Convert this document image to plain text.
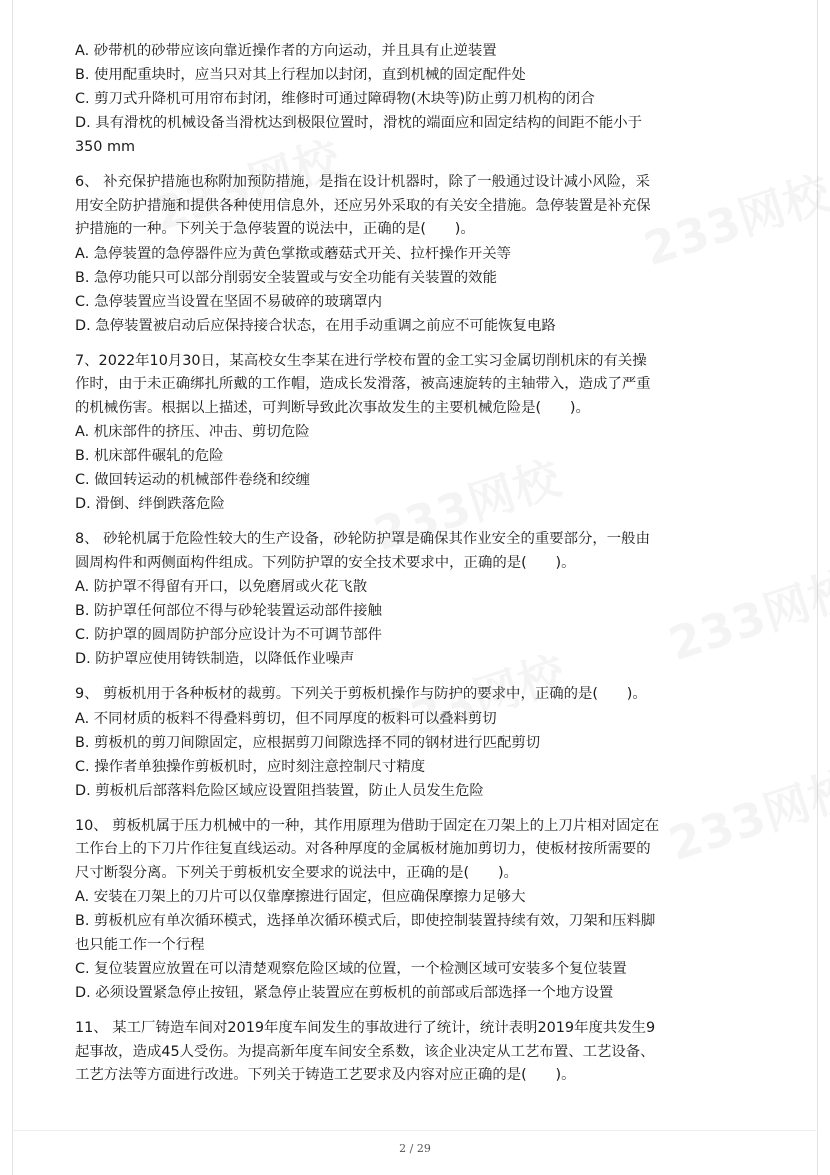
A. 砂带机的砂带应该向靠近操作者的方向运动，并且具有止逆装置
B. 使用配重块时，应当只对其上行程加以封闭，直到机械的固定配件处
C. 剪刀式升降机可用帘布封闭，维修时可通过障碍物(木块等)防止剪刀机构的闭合
D. 具有滑枕的机械设备当滑枕达到极限位置时，滑枕的端面应和固定结构的间距不能小于
350 mm
6、 补充保护措施也称附加预防措施，是指在设计机器时，除了一般通过设计减小风险，采
用安全防护措施和提供各种使用信息外，还应另外采取的有关安全措施。急停装置是补充保
护措施的一种。下列关于急停装置的说法中，正确的是(　　)。
A. 急停装置的急停器件应为黄色掌揿或蘑菇式开关、拉杆操作开关等
B. 急停功能只可以部分削弱安全装置或与安全功能有关装置的效能
C. 急停装置应当设置在坚固不易破碎的玻璃罩内
D. 急停装置被启动后应保持接合状态，在用手动重调之前应不可能恢复电路
7、2022年10月30日，某高校女生李某在进行学校布置的金工实习金属切削机床的有关操
作时，由于未正确绑扎所戴的工作帽，造成长发滑落，被高速旋转的主轴带入，造成了严重
的机械伤害。根据以上描述，可判断导致此次事故发生的主要机械危险是(　　)。
A. 机床部件的挤压、冲击、剪切危险
B. 机床部件碾轧的危险
C. 做回转运动的机械部件卷绕和绞缠
D. 滑倒、绊倒跌落危险
8、 砂轮机属于危险性较大的生产设备，砂轮防护罩是确保其作业安全的重要部分，一般由
圆周构件和两侧面构件组成。下列防护罩的安全技术要求中，正确的是(　　)。
A. 防护罩不得留有开口，以免磨屑或火花飞散
B. 防护罩任何部位不得与砂轮装置运动部件接触
C. 防护罩的圆周防护部分应设计为不可调节部件
D. 防护罩应使用铸铁制造，以降低作业噪声
9、 剪板机用于各种板材的裁剪。下列关于剪板机操作与防护的要求中，正确的是(　　)。
A. 不同材质的板料不得叠料剪切，但不同厚度的板料可以叠料剪切
B. 剪板机的剪刀间隙固定，应根据剪刀间隙选择不同的钢材进行匹配剪切
C. 操作者单独操作剪板机时，应时刻注意控制尺寸精度
D. 剪板机后部落料危险区域应设置阻挡装置，防止人员发生危险
10、 剪板机属于压力机械中的一种，其作用原理为借助于固定在刀架上的上刀片相对固定在
工作台上的下刀片作往复直线运动。对各种厚度的金属板材施加剪切力，使板材按所需要的
尺寸断裂分离。下列关于剪板机安全要求的说法中，正确的是(　　)。
A. 安装在刀架上的刀片可以仅靠摩擦进行固定，但应确保摩擦力足够大
B. 剪板机应有单次循环模式，选择单次循环模式后，即使控制装置持续有效，刀架和压料脚
也只能工作一个行程
C. 复位装置应放置在可以清楚观察危险区域的位置，一个检测区域可安装多个复位装置
D. 必须设置紧急停止按钮，紧急停止装置应在剪板机的前部或后部选择一个地方设置
11、 某工厂铸造车间对2019年度车间发生的事故进行了统计，统计表明2019年度共发生9
起事故，造成45人受伤。为提高新年度车间安全系数，该企业决定从工艺布置、工艺设备、
工艺方法等方面进行改进。下列关于铸造工艺要求及内容对应正确的是(　　)。
2 / 29
